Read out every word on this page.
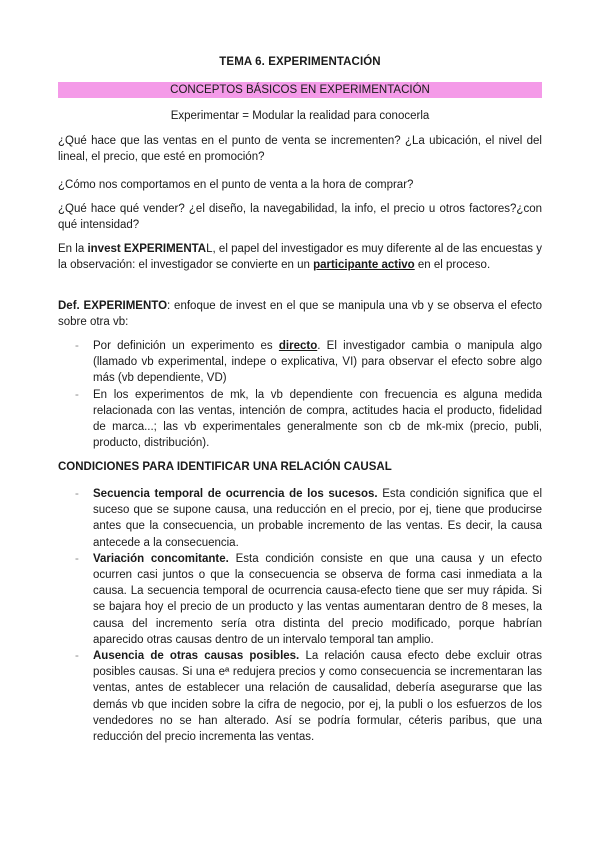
TEMA 6. EXPERIMENTACIÓN
CONCEPTOS BÁSICOS EN EXPERIMENTACIÓN
Experimentar = Modular la realidad para conocerla

¿Qué hace que las ventas en el punto de venta se incrementen? ¿La ubicación, el nivel del lineal, el precio, que esté en promoción?

¿Cómo nos comportamos en el punto de venta a la hora de comprar?

¿Qué hace qué vender? ¿el diseño, la navegabilidad, la info, el precio u otros factores?¿con qué intensidad?

En la invest EXPERIMENTAL, el papel del investigador es muy diferente al de las encuestas y la observación: el investigador se convierte en un participante activo en el proceso.

Def. EXPERIMENTO: enfoque de invest en el que se manipula una vb y se observa el efecto sobre otra vb:

- Por definición un experimento es directo. El investigador cambia o manipula algo (llamado vb experimental, indepe o explicativa, VI) para observar el efecto sobre algo más (vb dependiente, VD)
- En los experimentos de mk, la vb dependiente con frecuencia es alguna medida relacionada con las ventas, intención de compra, actitudes hacia el producto, fidelidad de marca...; las vb experimentales generalmente son cb de mk-mix (precio, publi, producto, distribución).

CONDICIONES PARA IDENTIFICAR UNA RELACIÓN CAUSAL

- Secuencia temporal de ocurrencia de los sucesos. Esta condición significa que el suceso que se supone causa, una reducción en el precio, por ej, tiene que producirse antes que la consecuencia, un probable incremento de las ventas. Es decir, la causa antecede a la consecuencia.
- Variación concomitante. Esta condición consiste en que una causa y un efecto ocurren casi juntos o que la consecuencia se observa de forma casi inmediata a la causa. La secuencia temporal de ocurrencia causa-efecto tiene que ser muy rápida. Si se bajara hoy el precio de un producto y las ventas aumentaran dentro de 8 meses, la causa del incremento sería otra distinta del precio modificado, porque habrían aparecido otras causas dentro de un intervalo temporal tan amplio.
- Ausencia de otras causas posibles. La relación causa efecto debe excluir otras posibles causas. Si una eª redujera precios y como consecuencia se incrementaran las ventas, antes de establecer una relación de causalidad, debería asegurarse que las demás vb que inciden sobre la cifra de negocio, por ej, la publi o los esfuerzos de los vendedores no se han alterado. Así se podría formular, céteris paribus, que una reducción del precio incrementa las ventas.
